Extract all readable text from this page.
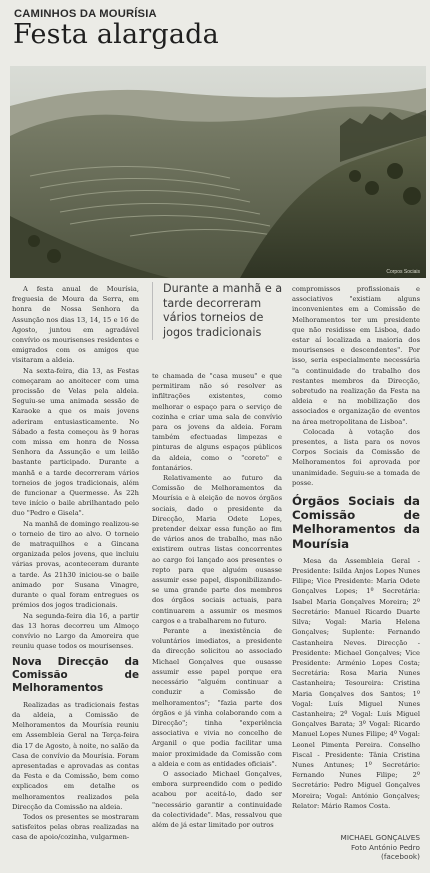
CAMINHOS DA MOURÍSIA
Festa alargada
Corpos Sociais

A festa anual de Mourísia, freguesia de Moura da Serra, em honra de Nossa Senhora da Assunção nos dias 13, 14, 15 e 16 de Agosto, juntou em agradável convívio os mourisenses residentes e emigrados com os amigos que visitaram a aldeia.

Na sexta-feira, dia 13, as Festas começaram ao anoitecer com uma procissão de Velas pela aldeia. Seguiu-se uma animada sessão de Karaoke a que os mais jovens aderiram entusiasticamente. No Sábado a festa começou às 9 horas com missa em honra de Nossa Senhora da Assunção e um leilão bastante participado. Durante a manhã e a tarde decorreram vários torneios de jogos tradicionais, além de funcionar a Quermesse. Às 22h teve início o baile abrilhantado pelo duo "Pedro e Gisela".

Na manhã de domingo realizou-se o torneio de tiro ao alvo. O torneio de matraquilhos e a Gincana organizada pelos jovens, que incluiu várias provas, aconteceram durante a tarde. Às 21h30 iniciou-se o baile animado por Susana Vinagre, durante o qual foram entregues os prémios dos jogos tradicionais.

Na segunda-feira dia 16, a partir das 13 horas decorreu um Almoço convívio no Largo da Amoreira que reuniu quase todos os mourisenses.

Nova Direcção da Comissão de Melhoramentos

Realizadas as tradicionais festas da aldeia, a Comissão de Melhoramentos da Mourísia reuniu em Assembleia Geral na Terça-feira dia 17 de Agosto, à noite, no salão da Casa de convívio da Mourísia. Foram apresentadas e aprovadas as contas da Festa e da Comissão, bem como explicados em detalhe os melhoramentos realizados pela Direcção da Comissão na aldeia.

Todos os presentes se mostraram satisfeitos pelas obras realizadas na casa de apoio/cozinha, vulgarmen-

Durante a manhã e a tarde decorreram vários torneios de jogos tradicionais

te chamada de "casa museu" e que permitiram não só resolver as infiltrações existentes, como melhorar o espaço para o serviço de cozinha e criar uma sala de convívio para os jovens da aldeia. Foram também efectuadas limpezas e pinturas de alguns espaços públicos da aldeia, como o "coreto" e fontanários.

Relativamente ao futuro da Comissão de Melhoramentos da Mourísia e à eleição de novos órgãos sociais, dado o presidente da Direcção, Maria Odete Lopes, pretender deixar essa função ao fim de vários anos de trabalho, mas não existirem outras listas concorrentes ao cargo foi lançado aos presentes o repto para que alguém ousasse assumir esse papel, disponibilizando-se uma grande parte dos membros dos órgãos sociais actuais, para continuarem a assumir os mesmos cargos e a trabalharem no futuro.

Perante a inexistência de voluntários imediatos, a presidente da direcção solicitou ao associado Michael Gonçalves que ousasse assumir esse papel porque era necessário "alguém continuar a conduzir a Comissão de melhoramentos"; "fazia parte dos órgãos e já vinha colaborando com a Direcção"; tinha "experiência associativa e vivia no concelho de Arganil o que podia facilitar uma maior proximidade da Comissão com a aldeia e com as entidades oficiais".

O associado Michael Gonçalves, embora surpreendido com o pedido acabou por aceitá-lo, dado ser "necessário garantir a continuidade da colectividade". Mas, ressalvou que além de já estar limitado por outros

compromissos profissionais e associativos "existiam alguns inconvenientes em a Comissão de Melhoramentos ter um presidente que não residisse em Lisboa, dado estar aí localizada a maioria dos mourisenses e descendentes". Por isso, seria especialmente necessária "a continuidade do trabalho dos restantes membros da Direcção, sobretudo na realização da Festa na aldeia e na mobilização dos associados e organização de eventos na área metropolitana de Lisboa".

Colocada à votação dos presentes, a lista para os novos Corpos Sociais da Comissão de Melhoramentos foi aprovada por unanimidade. Seguiu-se a tomada de posse.

Órgãos Sociais da Comissão de Melhoramentos da Mourísia

Mesa da Assembleia Geral - Presidente: Isilda Anjos Lopes Nunes Filipe; Vice Presidente: Maria Odete Gonçalves Lopes; 1º Secretária: Isabel Maria Gonçalves Moreira; 2º Secretário: Manuel Ricardo Duarte Silva; Vogal: Maria Helena Gonçalves; Suplente: Fernando Castanheira Neves. Direcção - Presidente: Michael Gonçalves; Vice Presidente: Arménio Lopes Costa; Secretária: Rosa Maria Nunes Castanheira; Tesoureira: Cristina Maria Gonçalves dos Santos; 1º Vogal: Luís Miguel Nunes Castanheira; 2º Vogal: Luís Miguel Gonçalves Barata; 3º Vogal: Ricardo Manuel Lopes Nunes Filipe; 4º Vogal: Leonel Pimenta Pereira. Conselho Fiscal - Presidente: Tânia Cristina Nunes Antunes; 1º Secretário: Fernando Nunes Filipe; 2º Secretário: Pedro Miguel Gonçalves Moreira; Vogal: António Gonçalves; Relator: Mário Ramos Costa.

MICHAEL GONÇALVES
Foto António Pedro
(facebook)
